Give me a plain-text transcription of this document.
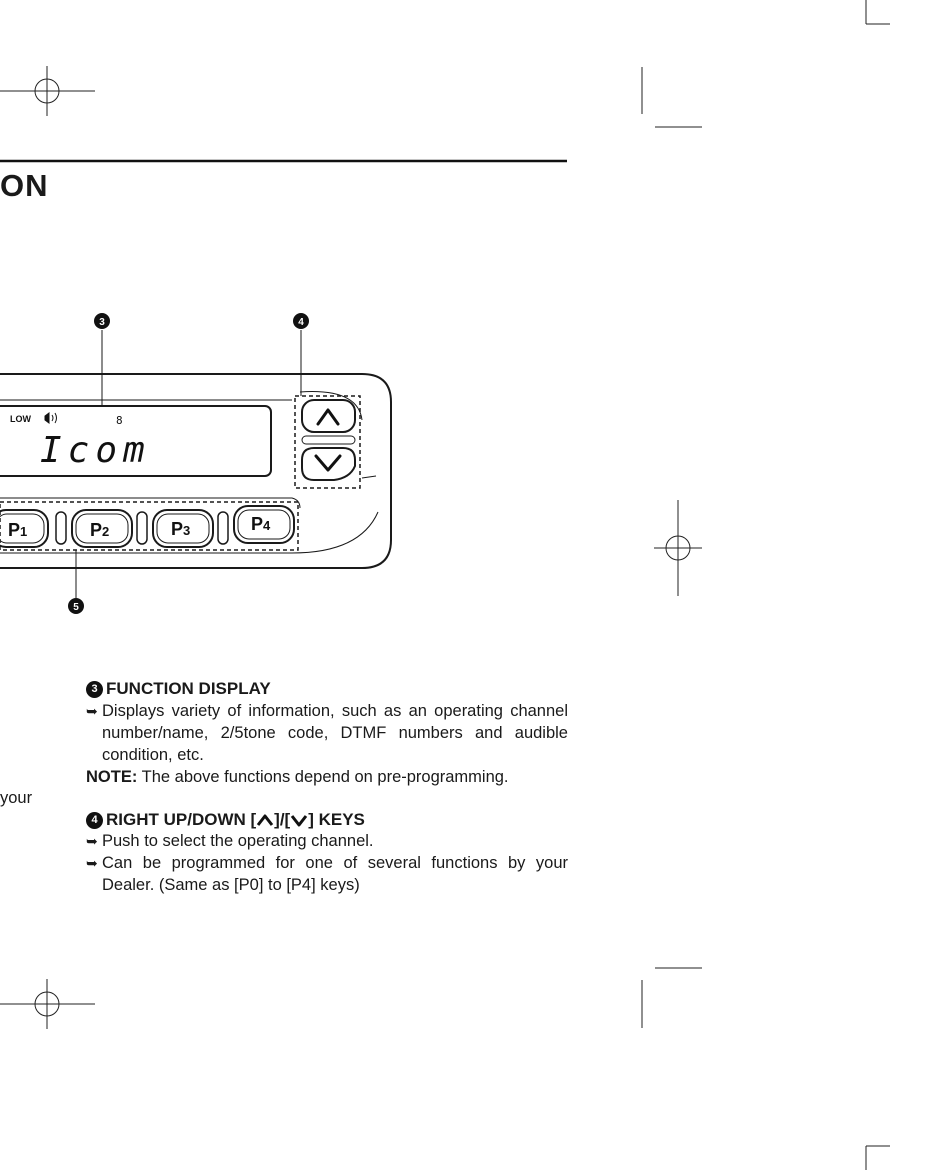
ON
LOW	8
Icom
P1	P2	P3	P4
3	4
5
your
3 FUNCTION DISPLAY
➥ Displays variety of information, such as an operating channel number/name, 2/5tone code, DTMF numbers and audible condition, etc.
NOTE: The above functions depend on pre-programming.
4 RIGHT UP/DOWN [ ]/[ ] KEYS
➥ Push to select the operating channel.
➥ Can be programmed for one of several functions by your Dealer. (Same as [P0] to [P4] keys)
